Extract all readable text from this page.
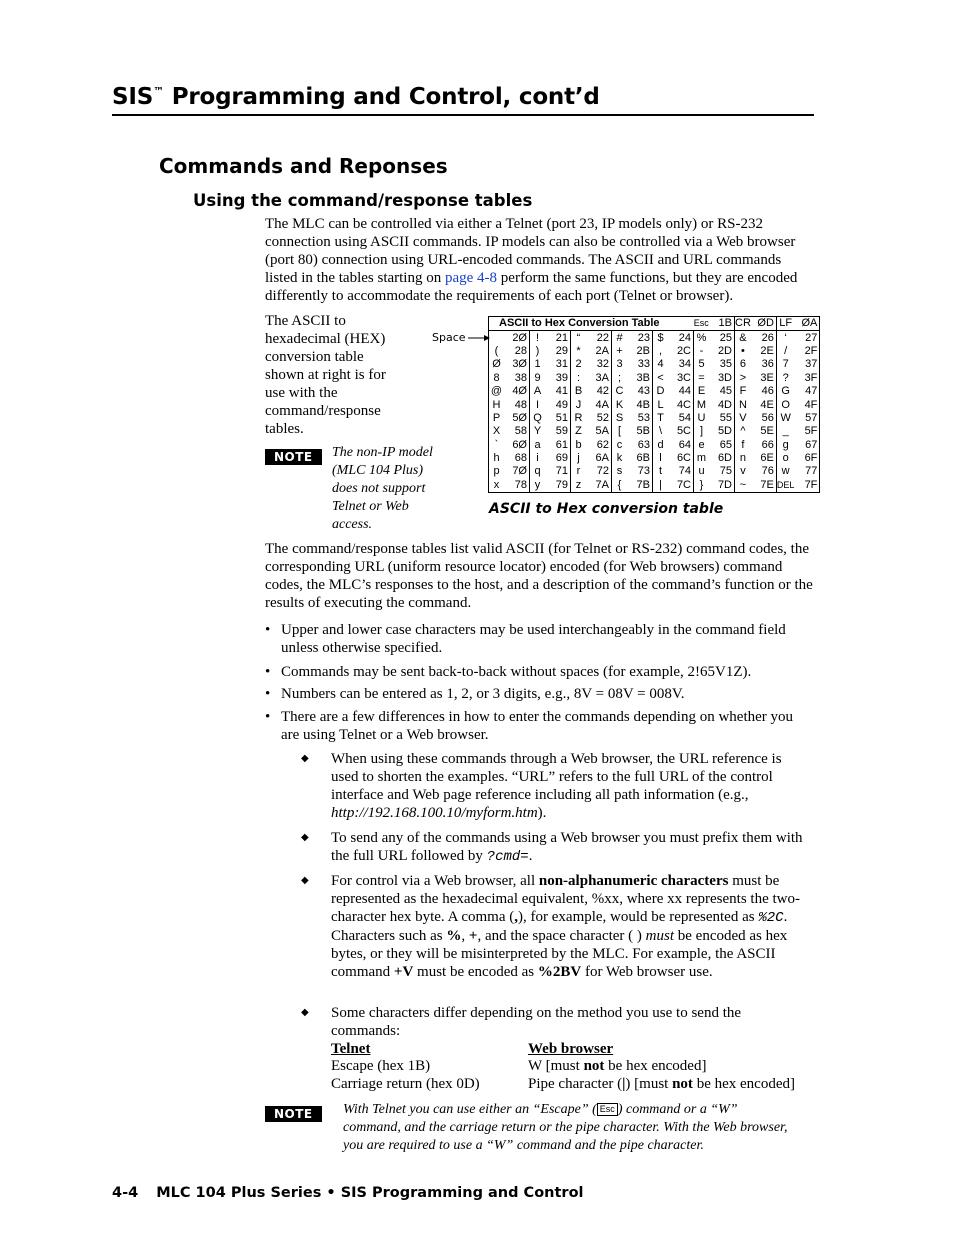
SIS™ Programming and Control, cont’d
Commands and Reponses
Using the command/response tables
The MLC can be controlled via either a Telnet (port 23, IP models only) or RS-232 connection using ASCII commands. IP models can also be controlled via a Web browser (port 80) connection using URL-encoded commands. The ASCII and URL commands listed in the tables starting on page 4-8 perform the same functions, but they are encoded differently to accommodate the requirements of each port (Telnet or browser).
The ASCII to hexadecimal (HEX) conversion table shown at right is for use with the command/response tables.
NOTE	The non-IP model (MLC 104 Plus) does not support Telnet or Web access.
Space
ASCII to Hex Conversion Table										Esc	1B	CR	ØD	LF	ØA
	2Ø	!	21	“	22	#	23	$	24	%	25	&	26	‘	27
(	28	)	29	*	2A	+	2B	,	2C	-	2D	•	2E	/	2F
Ø	3Ø	1	31	2	32	3	33	4	34	5	35	6	36	7	37
8	38	9	39	:	3A	;	3B	<	3C	=	3D	>	3E	?	3F
@	4Ø	A	41	B	42	C	43	D	44	E	45	F	46	G	47
H	48	I	49	J	4A	K	4B	L	4C	M	4D	N	4E	O	4F
P	5Ø	Q	51	R	52	S	53	T	54	U	55	V	56	W	57
X	58	Y	59	Z	5A	[	5B	\	5C	]	5D	^	5E	_	5F
`	6Ø	a	61	b	62	c	63	d	64	e	65	f	66	g	67
h	68	i	69	j	6A	k	6B	l	6C	m	6D	n	6E	o	6F
p	7Ø	q	71	r	72	s	73	t	74	u	75	v	76	w	77
x	78	y	79	z	7A	{	7B	|	7C	}	7D	~	7E	DEL	7F
ASCII to Hex conversion table
The command/response tables list valid ASCII (for Telnet or RS-232) command codes, the corresponding URL (uniform resource locator) encoded (for Web browsers) command codes, the MLC’s responses to the host, and a description of the command’s function or the results of executing the command.
• Upper and lower case characters may be used interchangeably in the command field unless otherwise specified.
• Commands may be sent back-to-back without spaces (for example, 2!65V1Z).
• Numbers can be entered as 1, 2, or 3 digits, e.g., 8V = 08V = 008V.
• There are a few differences in how to enter the commands depending on whether you are using Telnet or a Web browser.
◆ When using these commands through a Web browser, the URL reference is used to shorten the examples. “URL” refers to the full URL of the control interface and Web page reference including all path information (e.g., http://192.168.100.10/myform.htm).
◆ To send any of the commands using a Web browser you must prefix them with the full URL followed by ?cmd=.
◆ For control via a Web browser, all non-alphanumeric characters must be represented as the hexadecimal equivalent, %xx, where xx represents the two-character hex byte. A comma (,), for example, would be represented as %2C.
Characters such as %, +, and the space character ( ) must be encoded as hex bytes, or they will be misinterpreted by the MLC. For example, the ASCII command +V must be encoded as %2BV for Web browser use.
◆ Some characters differ depending on the method you use to send the commands:
Telnet	Web browser
Escape (hex 1B)	W [must not be hex encoded]
Carriage return (hex 0D)	Pipe character (|) [must not be hex encoded]
NOTE	With Telnet you can use either an “Escape” ( Esc ) command or a “W” command, and the carriage return or the pipe character. With the Web browser, you are required to use a “W” command and the pipe character.
4-4 MLC 104 Plus Series • SIS Programming and Control
